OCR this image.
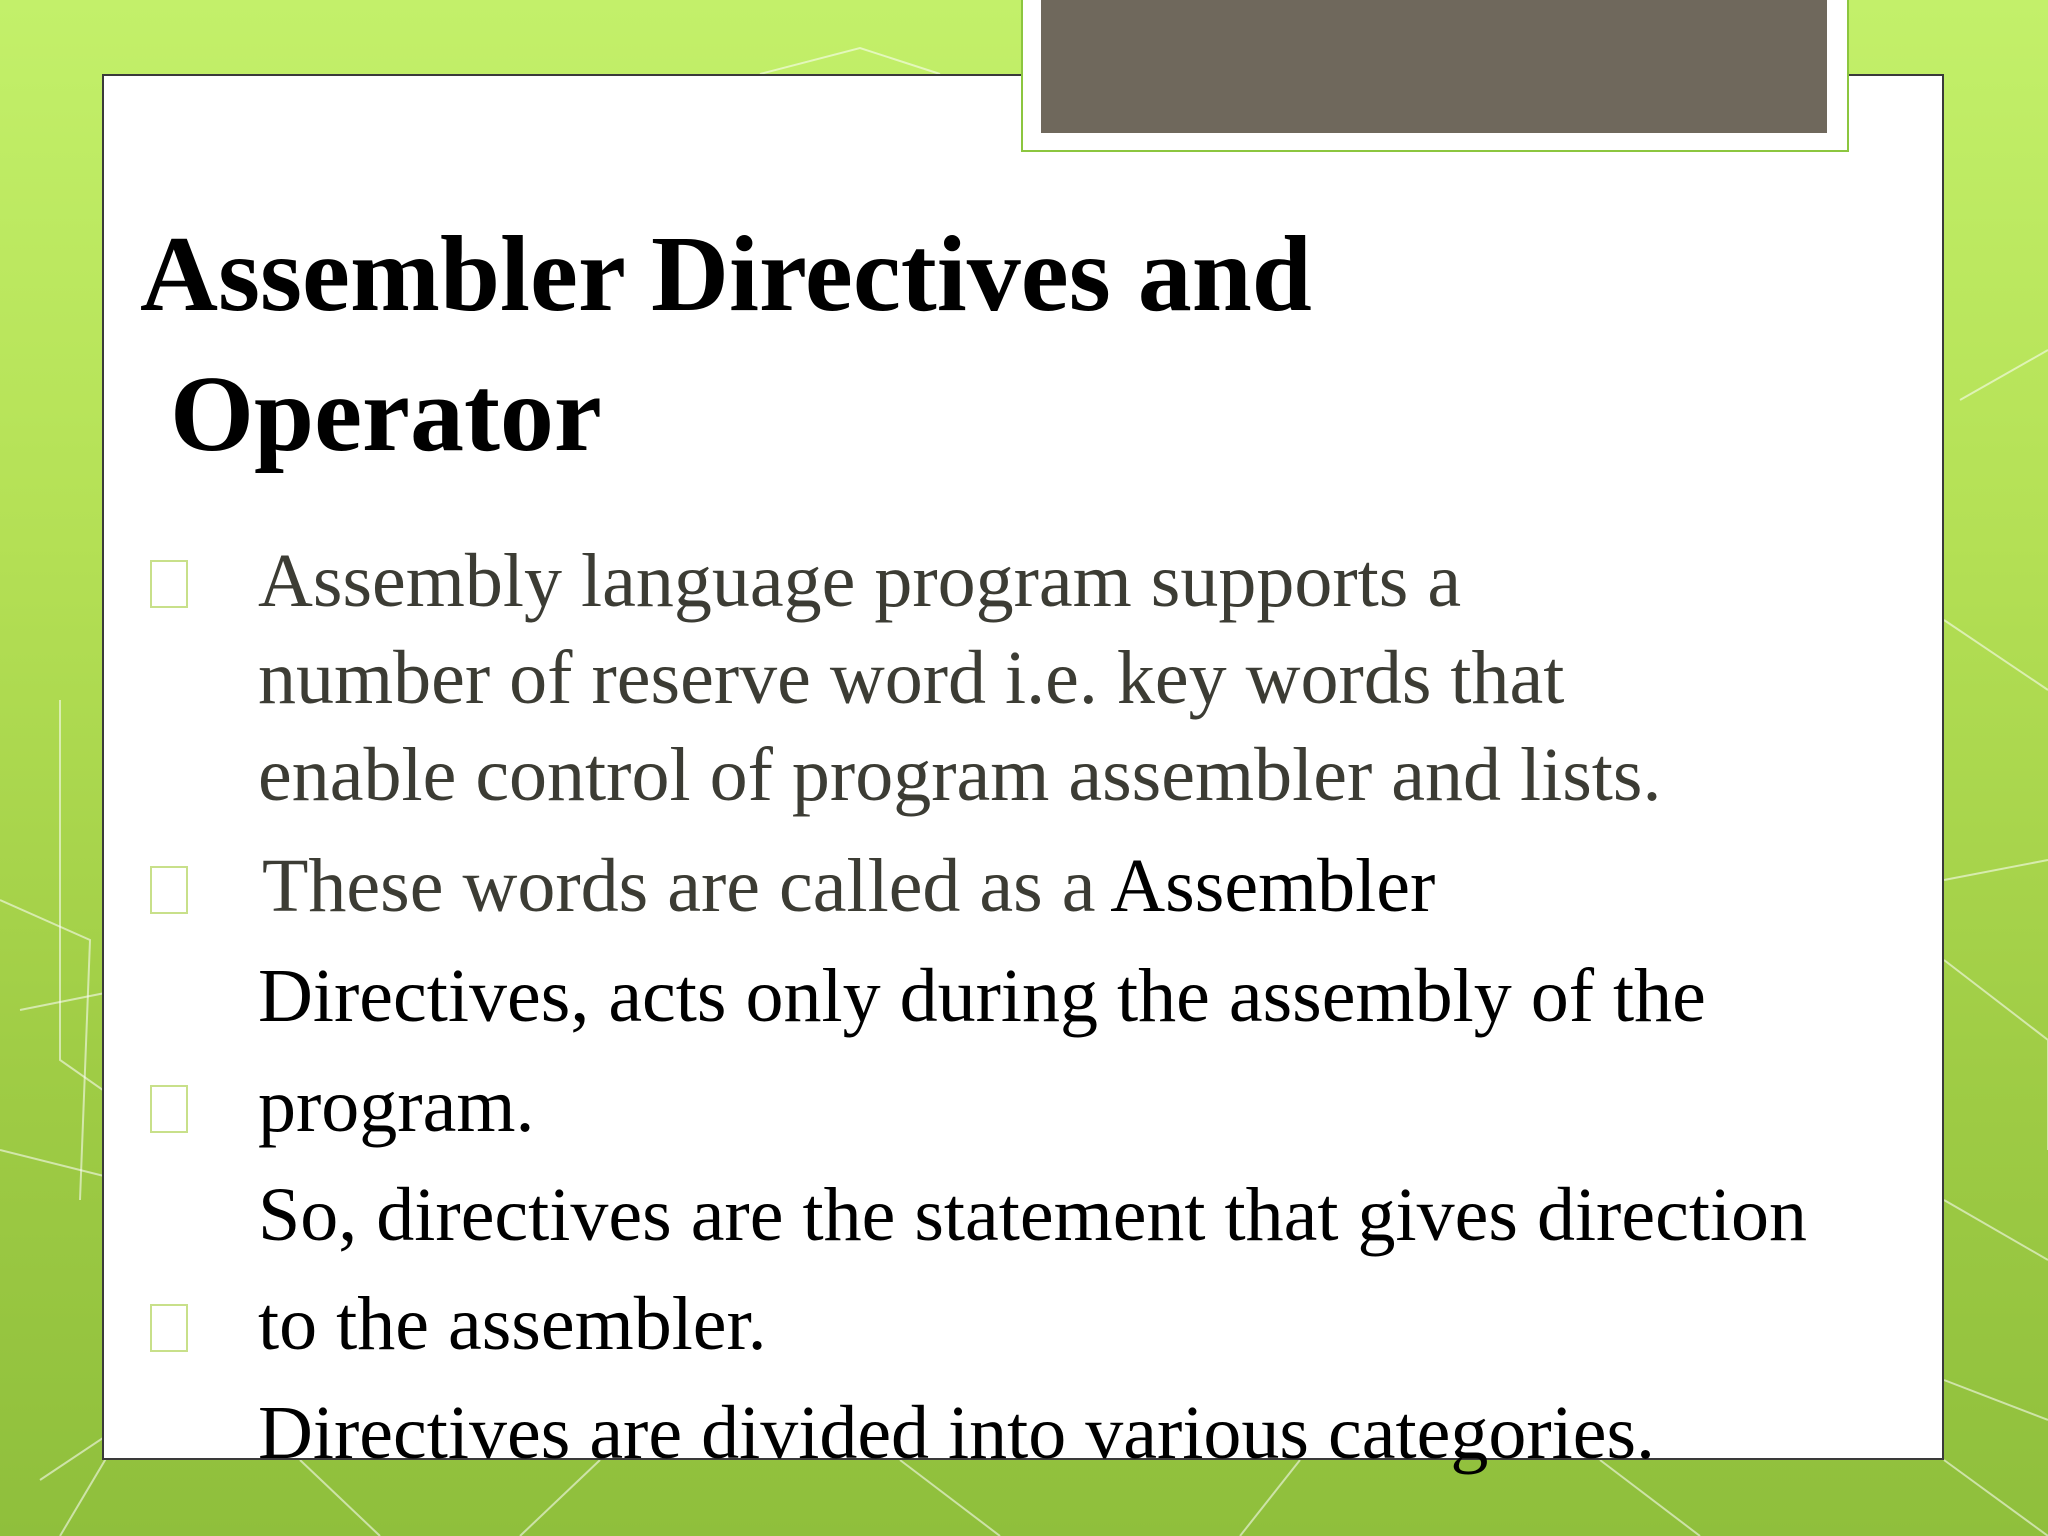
Assembler Directives and
Operator

Assembly language program supports a

number of reserve word i.e. key words that

enable control of program assembler and lists.

These words are called as a Assembler

Directives, acts only during the assembly of the

program.

So, directives are the statement that gives direction

to the assembler.

Directives are divided into various categories.
